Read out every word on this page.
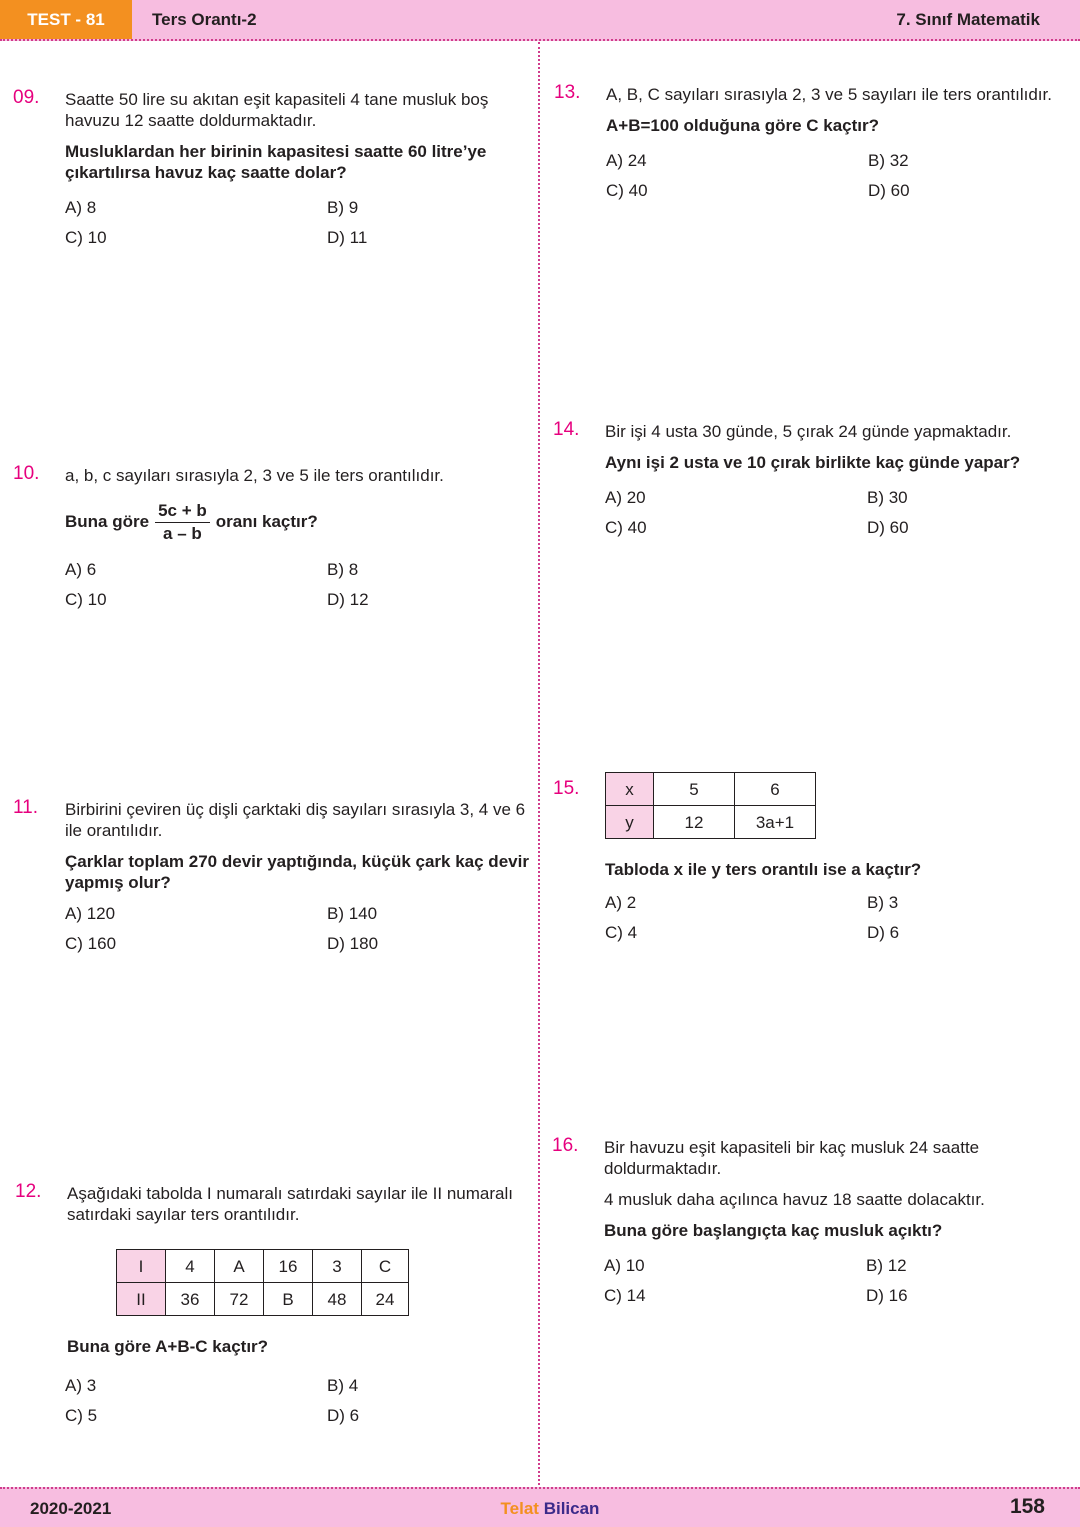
TEST - 81	Ters Orantı-2	7. Sınıf Matematik
09. Saatte 50 lire su akıtan eşit kapasiteli 4 tane musluk boş havuzu 12 saatte doldurmaktadır.

Musluklardan her birinin kapasitesi saatte 60 litre’ye çıkartılırsa havuz kaç saatte dolar?

A) 8	B) 9
C) 10	D) 11
10. a, b, c sayıları sırasıyla 2, 3 ve 5 ile ters orantılıdır.

Buna göre $\frac{5c + b}{a - b}$ oranı kaçtır?

A) 6	B) 8
C) 10	D) 12
11. Birbirini çeviren üç dişli çarktaki diş sayıları sırasıyla 3, 4 ve 6 ile orantılıdır.

Çarklar toplam 270 devir yaptığında, küçük çark kaç devir yapmış olur?

A) 120	B) 140
C) 160	D) 180
12. Aşağıdaki tabolda I numaralı satırdaki sayılar ile II numaralı satırdaki sayılar ters orantılıdır.

I	4	A	16	3	C
II	36	72	B	48	24

Buna göre A+B-C kaçtır?

A) 3	B) 4
C) 5	D) 6
13. A, B, C sayıları sırasıyla 2, 3 ve 5 sayıları ile ters orantılıdır.

A+B=100 olduğuna göre C kaçtır?

A) 24	B) 32
C) 40	D) 60
14. Bir işi 4 usta 30 günde, 5 çırak 24 günde yapmaktadır.

Aynı işi 2 usta ve 10 çırak birlikte kaç günde yapar?

A) 20	B) 30
C) 40	D) 60
15.	x	5	6
y	12	3a+1

Tabloda x ile y ters orantılı ise a kaçtır?

A) 2	B) 3
C) 4	D) 6
16. Bir havuzu eşit kapasiteli bir kaç musluk 24 saatte doldurmaktadır.

4 musluk daha açılınca havuz 18 saatte dolacaktır.

Buna göre başlangıçta kaç musluk açıktı?

A) 10	B) 12
C) 14	D) 16
2020-2021	Telat Bilican	158
